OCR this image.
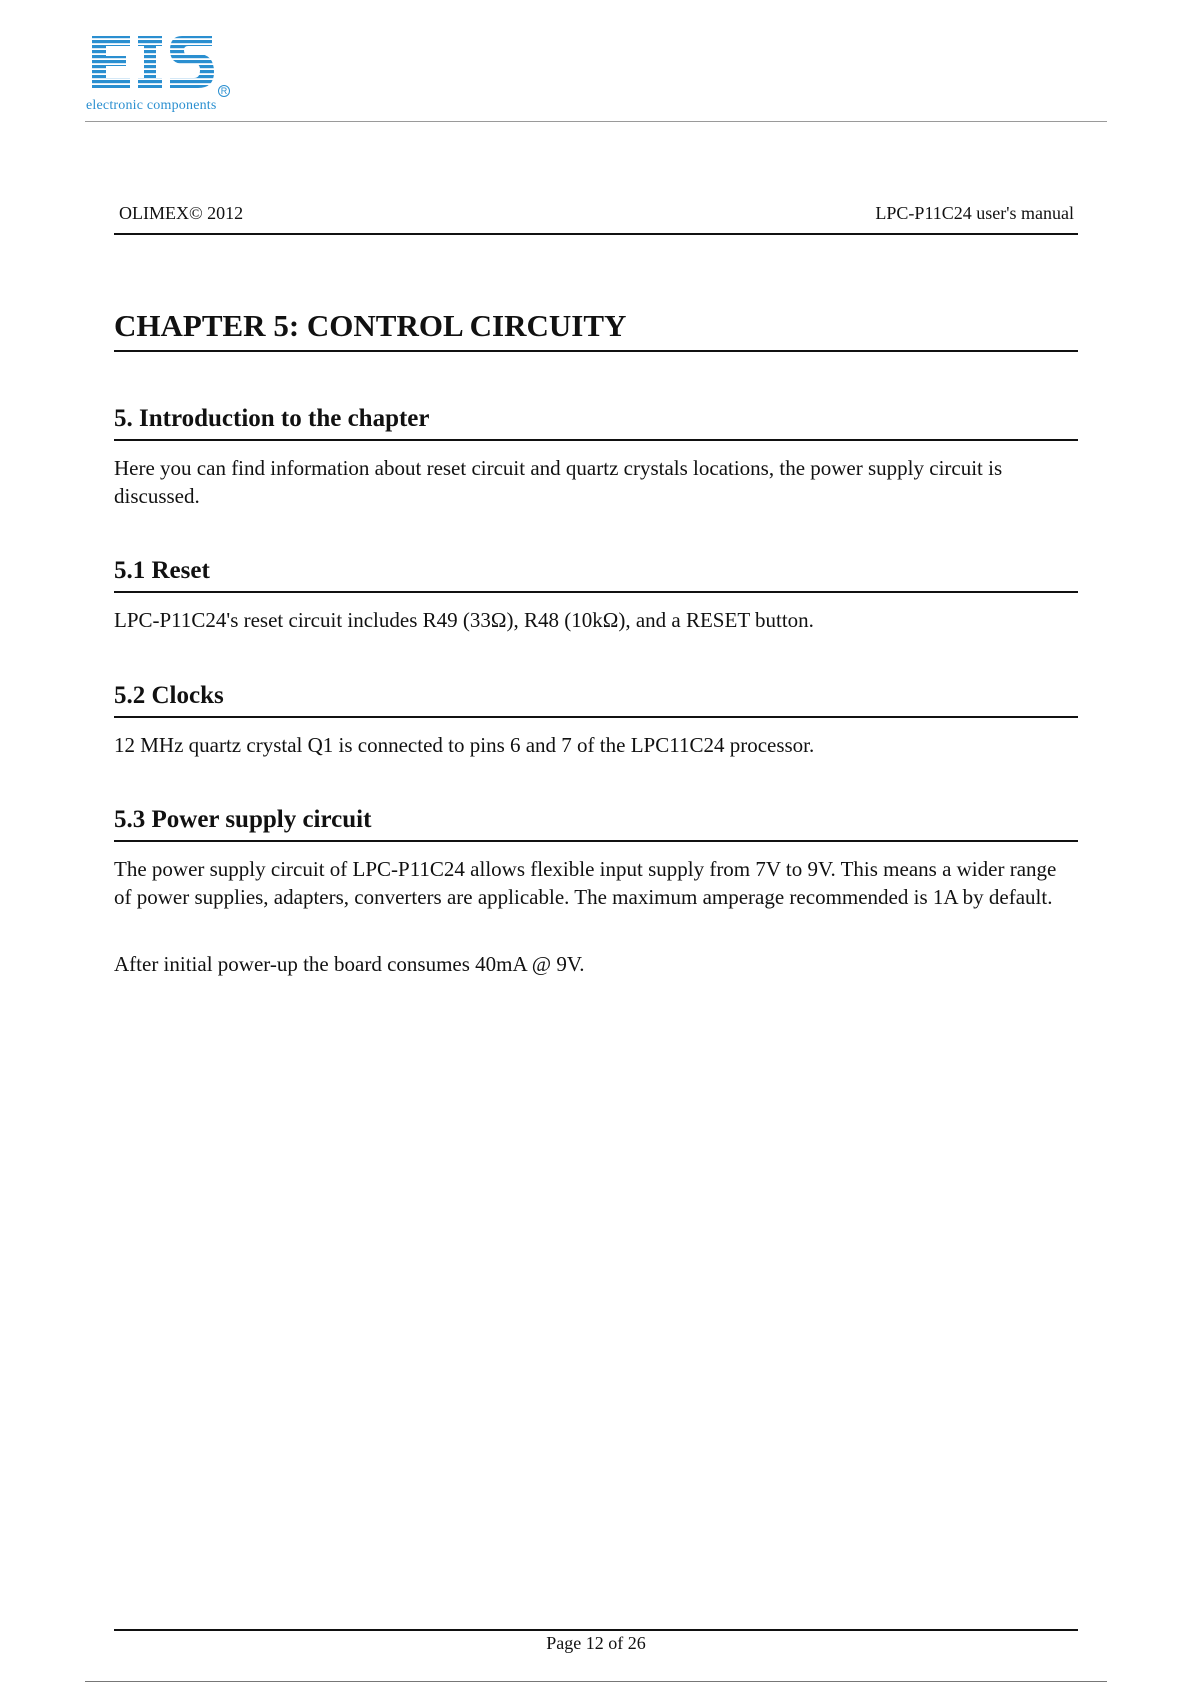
R
electronic components
OLIMEX© 2012	LPC-P11C24 user's manual
CHAPTER 5: CONTROL CIRCUITY
5. Introduction to the chapter

Here you can find information about reset circuit and quartz crystals locations, the power supply circuit is discussed.

5.1 Reset

LPC-P11C24's reset circuit includes R49 (33Ω), R48 (10kΩ), and a RESET button.

5.2 Clocks

12 MHz quartz crystal Q1 is connected to pins 6 and 7 of the LPC11C24 processor.

5.3 Power supply circuit

The power supply circuit of LPC-P11C24 allows flexible input supply from 7V to 9V. This means a wider range of power supplies, adapters, converters are applicable. The maximum amperage recommended is 1A by default.

After initial power-up the board consumes 40mA @ 9V.

Page 12 of 26
